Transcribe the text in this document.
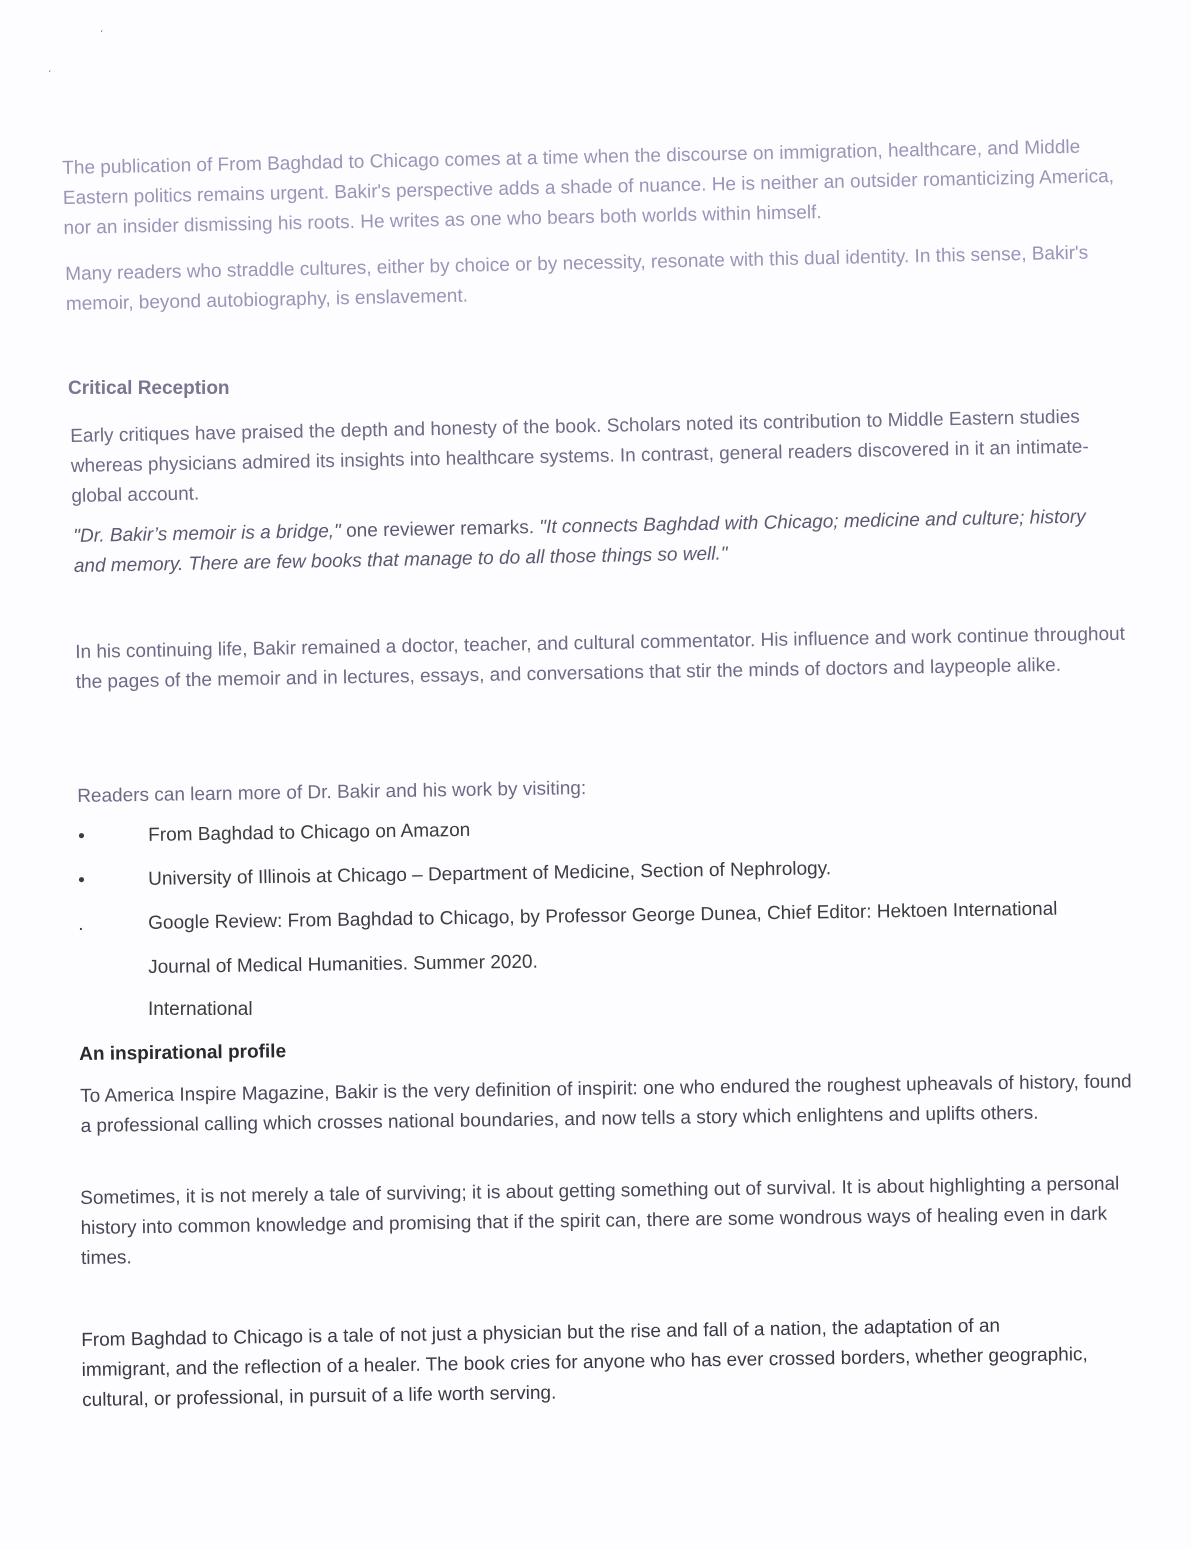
ˊ
ˊ

The publication of From Baghdad to Chicago comes at a time when the discourse on immigration, healthcare, and Middle Eastern politics remains urgent. Bakir's perspective adds a shade of nuance. He is neither an outsider romanticizing America, nor an insider dismissing his roots. He writes as one who bears both worlds within himself.

Many readers who straddle cultures, either by choice or by necessity, resonate with this dual identity. In this sense, Bakir's memoir, beyond autobiography, is enslavement.

Critical Reception

Early critiques have praised the depth and honesty of the book. Scholars noted its contribution to Middle Eastern studies whereas physicians admired its insights into healthcare systems. In contrast, general readers discovered in it an intimate-global account.

"Dr. Bakir’s memoir is a bridge," one reviewer remarks. "It connects Baghdad with Chicago; medicine and culture; history and memory. There are few books that manage to do all those things so well."

In his continuing life, Bakir remained a doctor, teacher, and cultural commentator. His influence and work continue throughout the pages of the memoir and in lectures, essays, and conversations that stir the minds of doctors and laypeople alike.

Readers can learn more of Dr. Bakir and his work by visiting:

•	From Baghdad to Chicago on Amazon
•	University of Illinois at Chicago – Department of Medicine, Section of Nephrology.
.	Google Review: From Baghdad to Chicago, by Professor George Dunea, Chief Editor: Hektoen International
Journal of Medical Humanities. Summer 2020.
International
An inspirational profile

To America Inspire Magazine, Bakir is the very definition of inspirit: one who endured the roughest upheavals of history, found a professional calling which crosses national boundaries, and now tells a story which enlightens and uplifts others.

Sometimes, it is not merely a tale of surviving; it is about getting something out of survival. It is about highlighting a personal history into common knowledge and promising that if the spirit can, there are some wondrous ways of healing even in dark times.

From Baghdad to Chicago is a tale of not just a physician but the rise and fall of a nation, the adaptation of an immigrant, and the reflection of a healer. The book cries for anyone who has ever crossed borders, whether geographic, cultural, or professional, in pursuit of a life worth serving.
